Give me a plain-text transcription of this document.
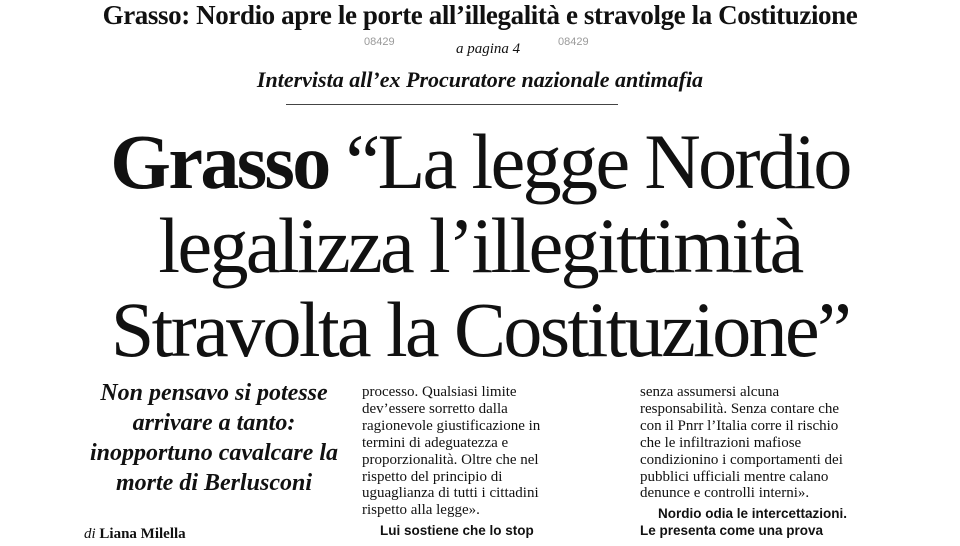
Grasso: Nordio apre le porte all’illegalità e stravolge la Costituzione
08429	a pagina 4	08429
Intervista all’ex Procuratore nazionale antimafia
Grasso “La legge Nordio
legalizza l’illegittimità
Stravolta la Costituzione”
Non pensavo si potesse arrivare a tanto: inopportuno cavalcare la morte di Berlusconi
di Liana Milella
processo. Qualsiasi limite
dev’essere sorretto dalla
ragionevole giustificazione in
termini di adeguatezza e
proporzionalità. Oltre che nel
rispetto del principio di
uguaglianza di tutti i cittadini
rispetto alla legge».
Lui sostiene che lo stop
senza assumersi alcuna
responsabilità. Senza contare che
con il Pnrr l’Italia corre il rischio
che le infiltrazioni mafiose
condizionino i comportamenti dei
pubblici ufficiali mentre calano
denunce e controlli interni».
Nordio odia le intercettazioni.
Le presenta come una prova
